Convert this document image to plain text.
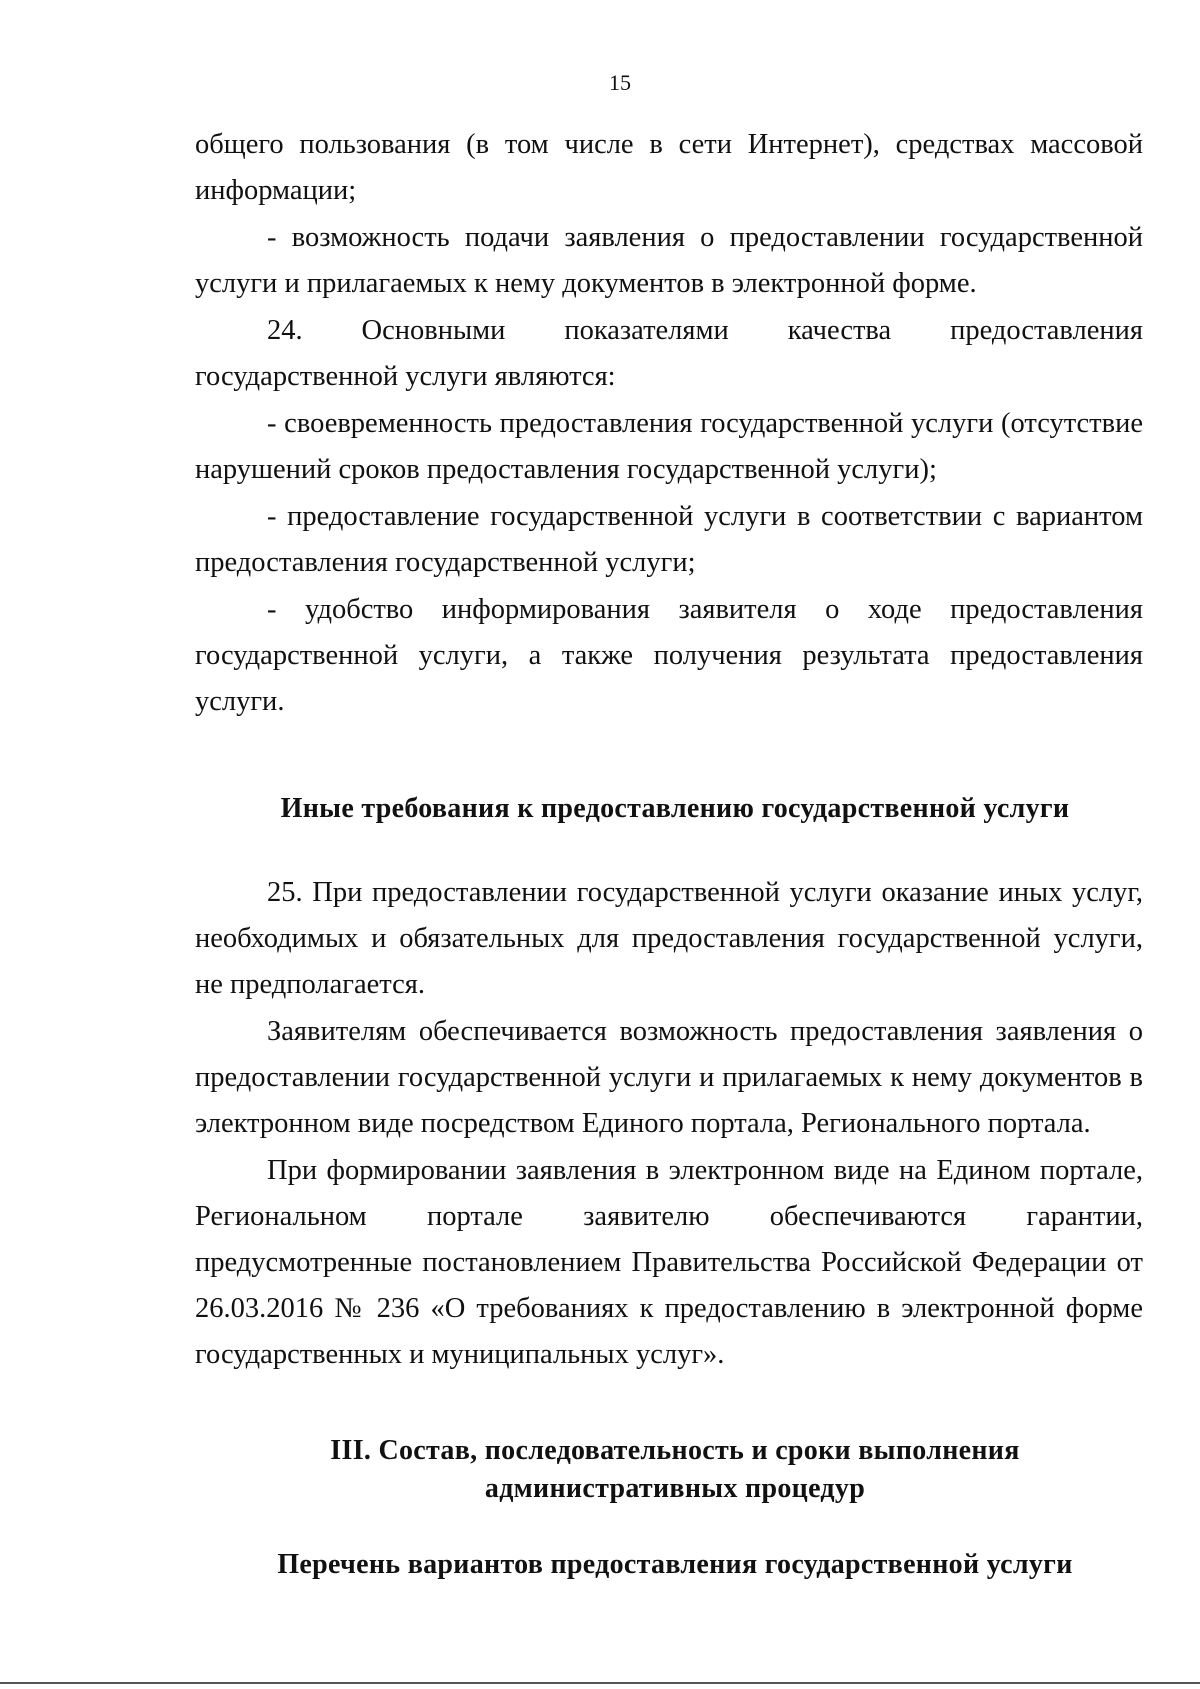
15

общего пользования (в том числе в сети Интернет), средствах массовой информации;

- возможность подачи заявления о предоставлении государственной услуги и прилагаемых к нему документов в электронной форме.

24. Основными показателями качества предоставления государственной услуги являются:

- своевременность предоставления государственной услуги (отсутствие нарушений сроков предоставления государственной услуги);

- предоставление государственной услуги в соответствии с вариантом предоставления государственной услуги;

- удобство информирования заявителя о ходе предоставления государственной услуги, а также получения результата предоставления услуги.

Иные требования к предоставлению государственной услуги

25. При предоставлении государственной услуги оказание иных услуг, необходимых и обязательных для предоставления государственной услуги, не предполагается.

Заявителям обеспечивается возможность предоставления заявления о предоставлении государственной услуги и прилагаемых к нему документов в электронном виде посредством Единого портала, Регионального портала.

При формировании заявления в электронном виде на Едином портале, Региональном портале заявителю обеспечиваются гарантии, предусмотренные постановлением Правительства Российской Федерации от 26.03.2016 № 236 «О требованиях к предоставлению в электронной форме государственных и муниципальных услуг».

III. Состав, последовательность и сроки выполнения
административных процедур
Перечень вариантов предоставления государственной услуги
